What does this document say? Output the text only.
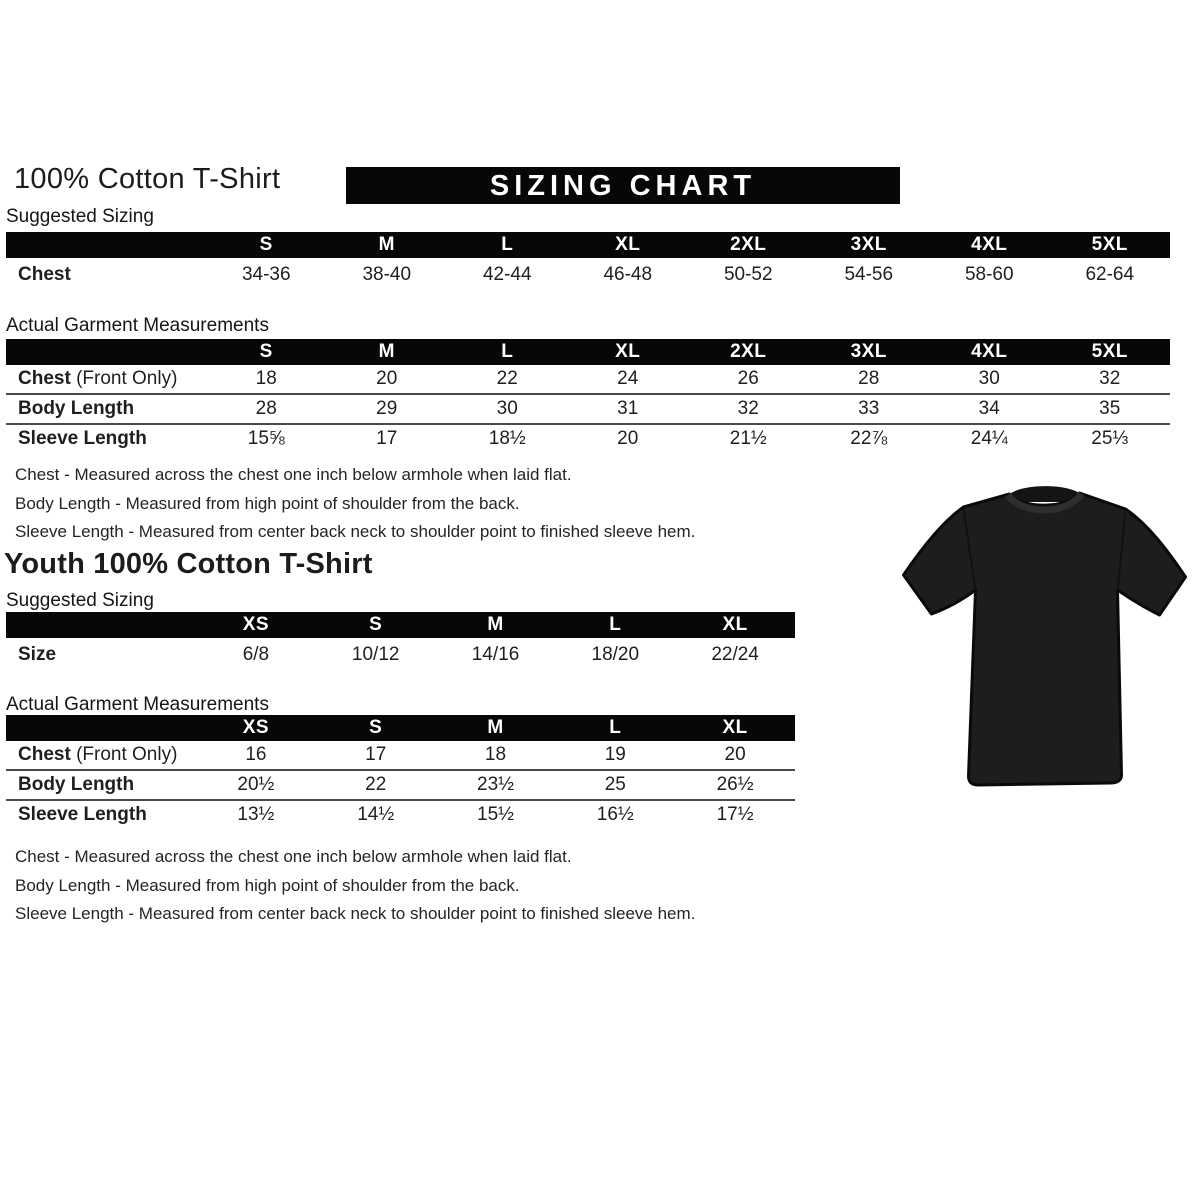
100% Cotton T-Shirt	SIZING CHART
Suggested Sizing
	S	M	L	XL	2XL	3XL	4XL	5XL
Chest	34-36	38-40	42-44	46-48	50-52	54-56	58-60	62-64
Actual Garment Measurements
	S	M	L	XL	2XL	3XL	4XL	5XL
Chest (Front Only)	18	20	22	24	26	28	30	32
Body Length	28	29	30	31	32	33	34	35
Sleeve Length	15⅝	17	18½	20	21½	22⅞	24¼	25⅓

Chest - Measured across the chest one inch below armhole when laid flat.

Body Length - Measured from high point of shoulder from the back.

Sleeve Length - Measured from center back neck to shoulder point to finished sleeve hem.

Youth 100% Cotton T-Shirt
Suggested Sizing
	XS	S	M	L	XL
Size	6/8	10/12	14/16	18/20	22/24
Actual Garment Measurements
	XS	S	M	L	XL
Chest (Front Only)	16	17	18	19	20
Body Length	20½	22	23½	25	26½
Sleeve Length	13½	14½	15½	16½	17½

Chest - Measured across the chest one inch below armhole when laid flat.

Body Length - Measured from high point of shoulder from the back.

Sleeve Length - Measured from center back neck to shoulder point to finished sleeve hem.
